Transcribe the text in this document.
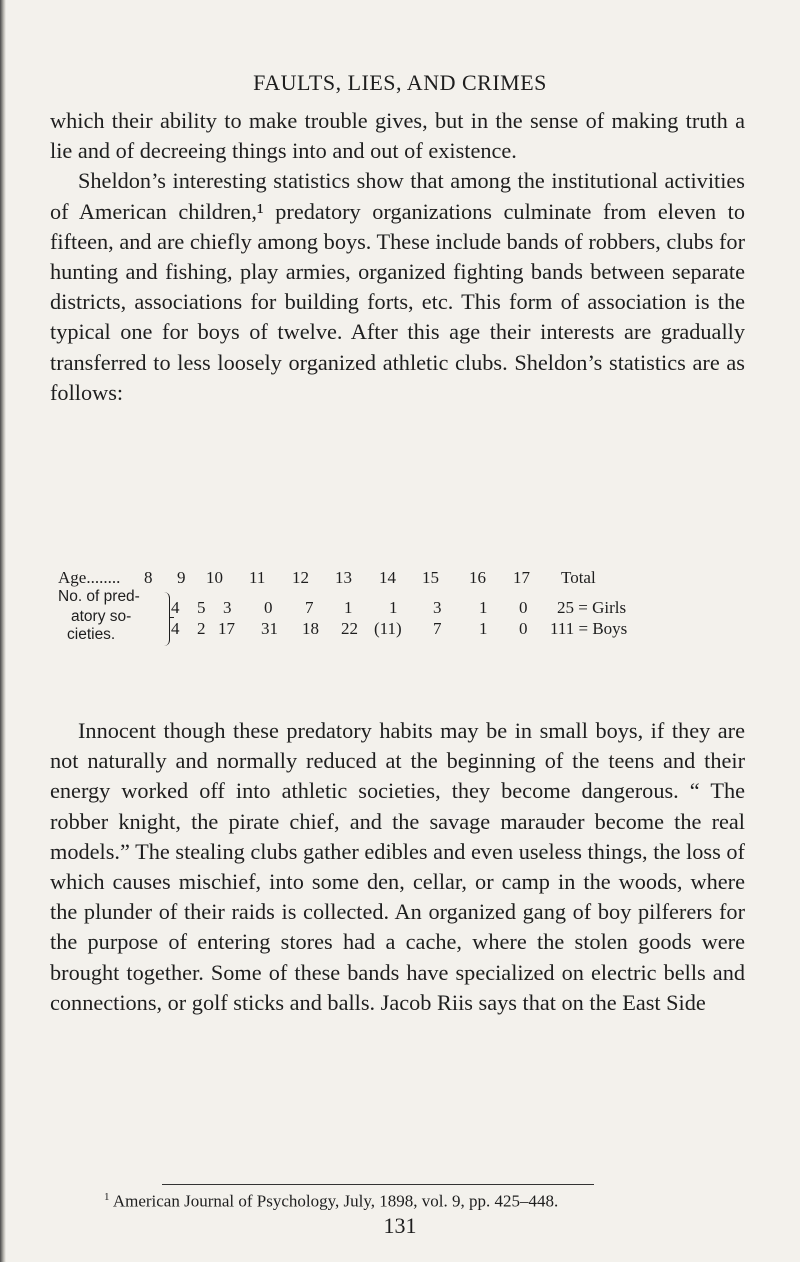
FAULTS, LIES, AND CRIMES

which their ability to make trouble gives, but in the sense of making truth a lie and of decreeing things into and out of existence.

Sheldon’s interesting statistics show that among the institutional activities of American children,¹ predatory organizations culminate from eleven to fifteen, and are chiefly among boys. These include bands of robbers, clubs for hunting and fishing, play armies, organized fighting bands between separate districts, associations for building forts, etc. This form of association is the typical one for boys of twelve. After this age their interests are gradually transferred to less loosely organized athletic clubs. Sheldon’s statistics are as follows:

Age........ 8 9 10 11 12 13 14 15 16 17 Total
No. of pred-
atory so-
cieties.
4 5 3 0 7 1 1 3 1 0 25 = Girls
4 2 17 31 18 22 (11) 7 1 0 111 = Boys

Innocent though these predatory habits may be in small boys, if they are not naturally and normally reduced at the beginning of the teens and their energy worked off into athletic societies, they become dangerous. “ The robber knight, the pirate chief, and the savage marauder become the real models.” The stealing clubs gather edibles and even useless things, the loss of which causes mischief, into some den, cellar, or camp in the woods, where the plunder of their raids is collected. An organized gang of boy pilferers for the purpose of entering stores had a cache, where the stolen goods were brought together. Some of these bands have specialized on electric bells and connections, or golf sticks and balls. Jacob Riis says that on the East Side

$^1$ American Journal of Psychology, July, 1898, vol. 9, pp. 425–448.
131
